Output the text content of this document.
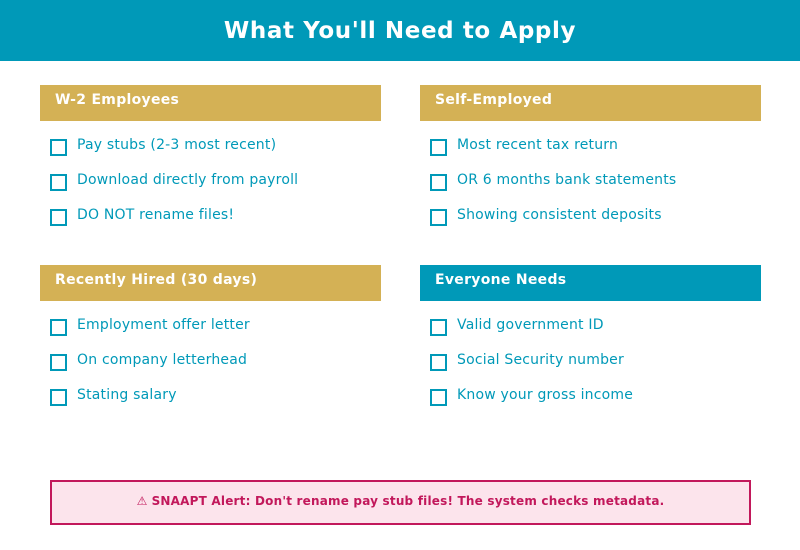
What You'll Need to Apply
W-2 Employees
Pay stubs (2-3 most recent)
Download directly from payroll
DO NOT rename files!
Self-Employed
Most recent tax return
OR 6 months bank statements
Showing consistent deposits
Recently Hired (30 days)
Employment offer letter
On company letterhead
Stating salary
Everyone Needs
Valid government ID
Social Security number
Know your gross income
⚠ SNAAPT Alert: Don't rename pay stub files! The system checks metadata.
